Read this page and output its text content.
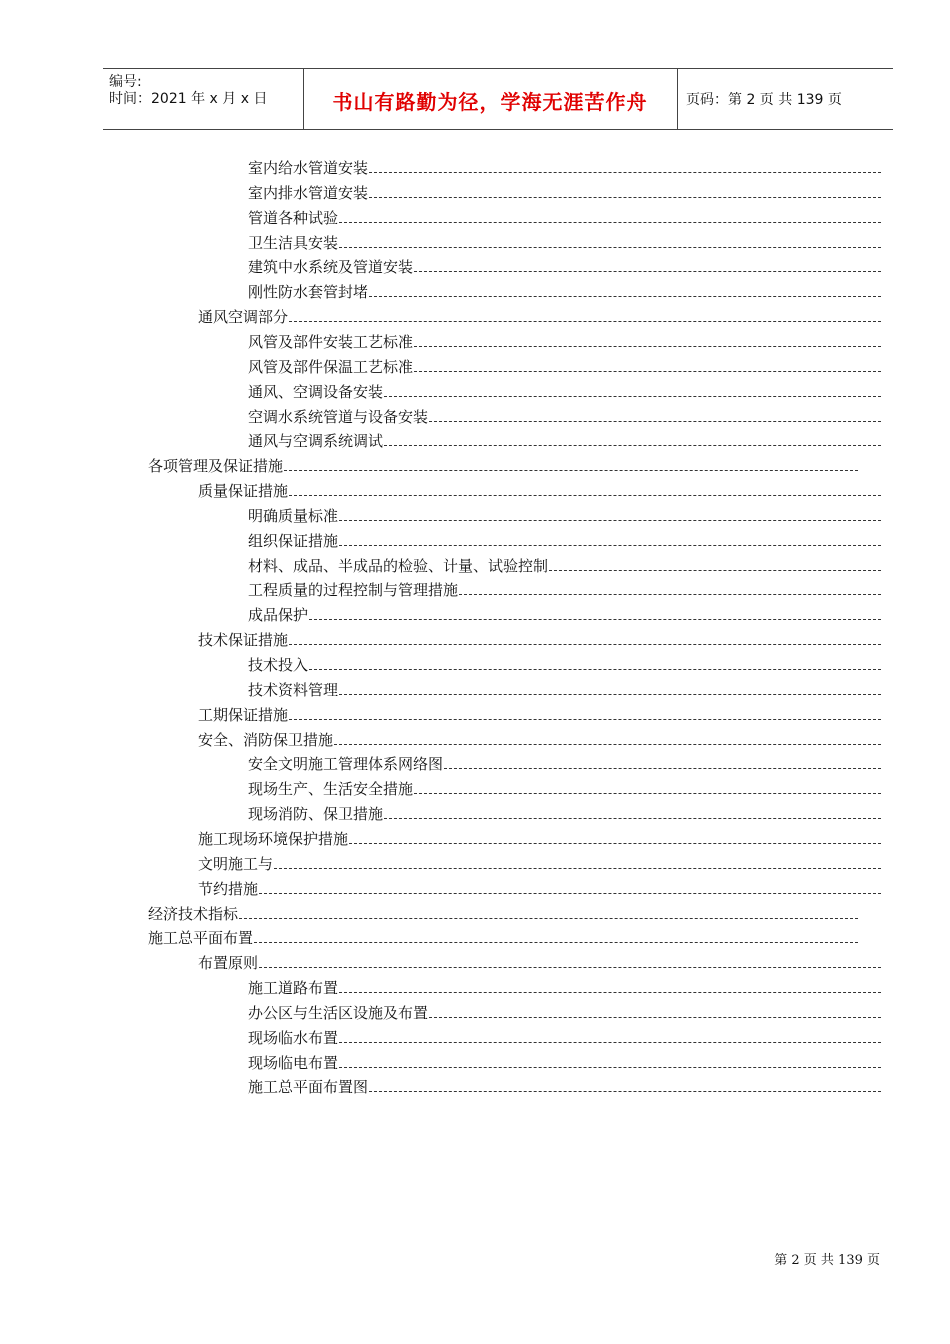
编号:
时间：2021 年 x 月 x 日	书山有路勤为径，学海无涯苦作舟	页码：第 2 页 共 139 页
室内给水管道安装
室内排水管道安装
管道各种试验
卫生洁具安装
建筑中水系统及管道安装
刚性防水套管封堵
通风空调部分
风管及部件安装工艺标准
风管及部件保温工艺标准
通风、空调设备安装
空调水系统管道与设备安装
通风与空调系统调试
各项管理及保证措施
质量保证措施
明确质量标准
组织保证措施
材料、成品、半成品的检验、计量、试验控制
工程质量的过程控制与管理措施
成品保护
技术保证措施
技术投入
技术资料管理
工期保证措施
安全、消防保卫措施
安全文明施工管理体系网络图
现场生产、生活安全措施
现场消防、保卫措施
施工现场环境保护措施
文明施工与
节约措施
经济技术指标
施工总平面布置
布置原则
施工道路布置
办公区与生活区设施及布置
现场临水布置
现场临电布置
施工总平面布置图
第 2 页 共 139 页
